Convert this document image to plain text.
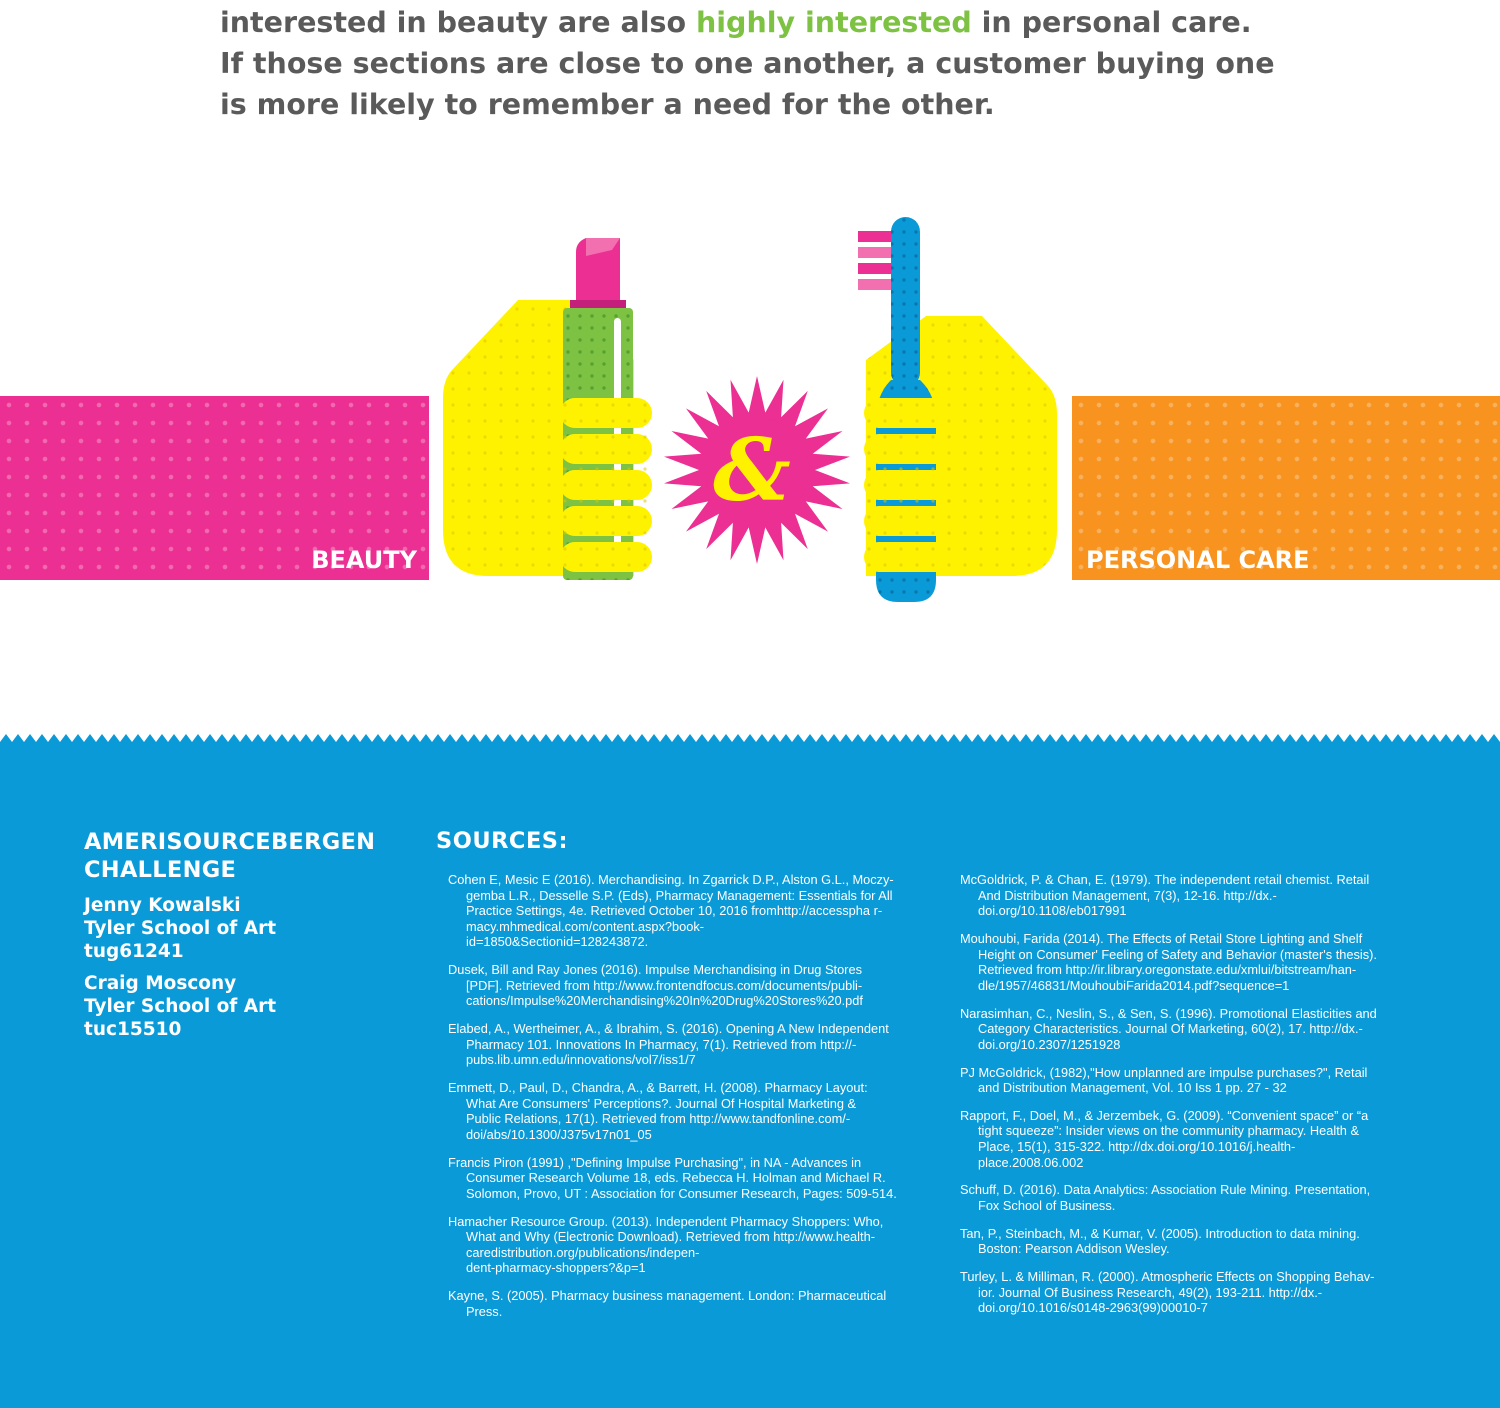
interested in beauty are also highly interested in personal care.

If those sections are close to one another, a customer buying one

is more likely to remember a need for the other.

BEAUTY	PERSONAL CARE
&
AMERISOURCEBERGEN
CHALLENGE
Jenny Kowalski
Tyler School of Art
tug61241
Craig Moscony
Tyler School of Art
tuc15510
SOURCES:
Cohen E, Mesic E (2016). Merchandising. In Zgarrick D.P., Alston G.L., Moczy-
gemba L.R., Desselle S.P. (Eds), Pharmacy Management: Essentials for All
Practice Settings, 4e. Retrieved October 10, 2016 fromhttp://accesspha r-
macy.mhmedical.com/content.aspx?book-
id=1850&Sectionid=128243872.
Dusek, Bill and Ray Jones (2016). Impulse Merchandising in Drug Stores
[PDF]. Retrieved from http://www.frontendfocus.com/documents/publi-
cations/Impulse%20Merchandising%20In%20Drug%20Stores%20.pdf
Elabed, A., Wertheimer, A., & Ibrahim, S. (2016). Opening A New Independent
Pharmacy 101. Innovations In Pharmacy, 7(1). Retrieved from http://-
pubs.lib.umn.edu/innovations/vol7/iss1/7
Emmett, D., Paul, D., Chandra, A., & Barrett, H. (2008). Pharmacy Layout:
What Are Consumers' Perceptions?. Journal Of Hospital Marketing &
Public Relations, 17(1). Retrieved from http://www.tandfonline.com/-
doi/abs/10.1300/J375v17n01_05
Francis Piron (1991) ,"Defining Impulse Purchasing", in NA - Advances in
Consumer Research Volume 18, eds. Rebecca H. Holman and Michael R.
Solomon, Provo, UT : Association for Consumer Research, Pages: 509-514.
Hamacher Resource Group. (2013). Independent Pharmacy Shoppers: Who,
What and Why (Electronic Download). Retrieved from http://www.health-
caredistribution.org/publications/indepen-
dent-pharmacy-shoppers?&p=1
Kayne, S. (2005). Pharmacy business management. London: Pharmaceutical
Press.
McGoldrick, P. & Chan, E. (1979). The independent retail chemist. Retail
And Distribution Management, 7(3), 12-16. http://dx.-
doi.org/10.1108/eb017991
Mouhoubi, Farida (2014). The Effects of Retail Store Lighting and Shelf
Height on Consumer' Feeling of Safety and Behavior (master's thesis).
Retrieved from http://ir.library.oregonstate.edu/xmlui/bitstream/han-
dle/1957/46831/MouhoubiFarida2014.pdf?sequence=1
Narasimhan, C., Neslin, S., & Sen, S. (1996). Promotional Elasticities and
Category Characteristics. Journal Of Marketing, 60(2), 17. http://dx.-
doi.org/10.2307/1251928
PJ McGoldrick, (1982),"How unplanned are impulse purchases?", Retail
and Distribution Management, Vol. 10 Iss 1 pp. 27 - 32
Rapport, F., Doel, M., & Jerzembek, G. (2009). “Convenient space” or “a
tight squeeze”: Insider views on the community pharmacy. Health &
Place, 15(1), 315-322. http://dx.doi.org/10.1016/j.health-
place.2008.06.002
Schuff, D. (2016). Data Analytics: Association Rule Mining. Presentation,
Fox School of Business.
Tan, P., Steinbach, M., & Kumar, V. (2005). Introduction to data mining.
Boston: Pearson Addison Wesley.
Turley, L. & Milliman, R. (2000). Atmospheric Effects on Shopping Behav-
ior. Journal Of Business Research, 49(2), 193-211. http://dx.-
doi.org/10.1016/s0148-2963(99)00010-7
